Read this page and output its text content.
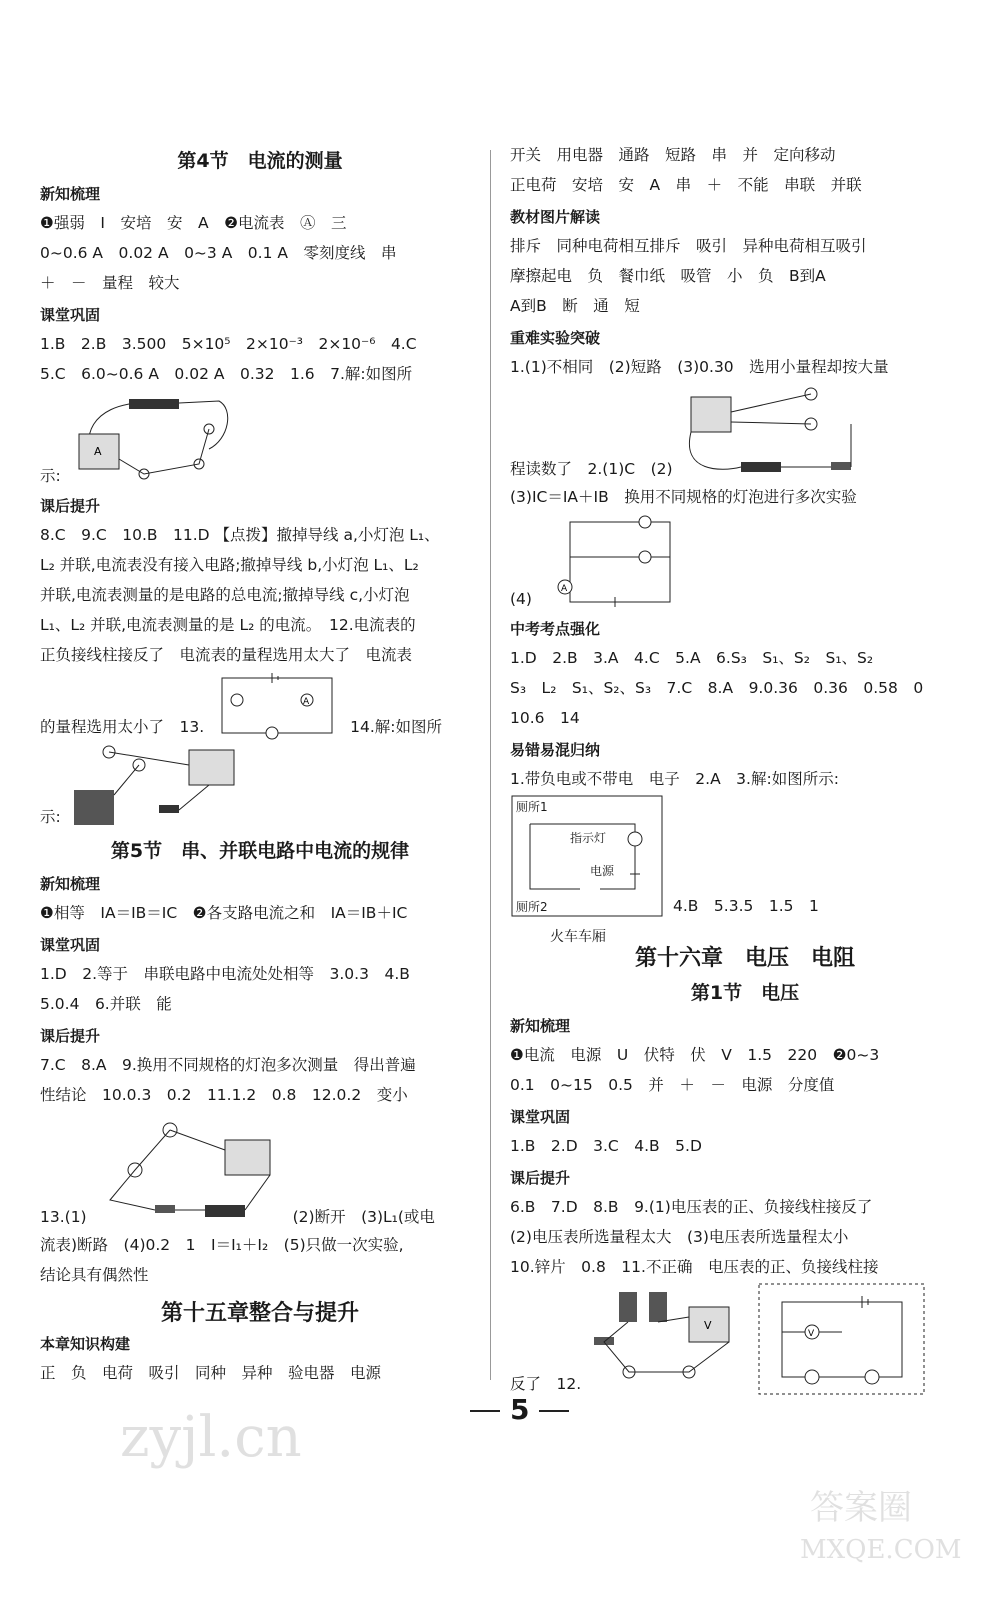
第4节　电流的测量
新知梳理
❶强弱　I　安培　安　A　❷电流表　Ⓐ　三
0~0.6 A　0.02 A　0~3 A　0.1 A　零刻度线　串
＋　－　量程　较大
课堂巩固
1.B　2.B　3.500　5×10⁵　2×10⁻³　2×10⁻⁶　4.C
5.C　6.0~0.6 A　0.02 A　0.32　1.6　7.解:如图所
示:
A
课后提升
8.C　9.C　10.B　11.D 【点拨】撤掉导线 a,小灯泡 L₁、
L₂ 并联,电流表没有接入电路;撤掉导线 b,小灯泡 L₁、L₂
并联,电流表测量的是电路的总电流;撤掉导线 c,小灯泡
L₁、L₂ 并联,电流表测量的是 L₂ 的电流。　12.电流表的
正负接线柱接反了　电流表的量程选用太大了　电流表
的量程选用太小了　13.
A
14.解:如图所
示:
第5节　串、并联电路中电流的规律
新知梳理
❶相等　IA＝IB＝IC　❷各支路电流之和　IA＝IB＋IC
课堂巩固
1.D　2.等于　串联电路中电流处处相等　3.0.3　4.B
5.0.4　6.并联　能
课后提升
7.C　8.A　9.换用不同规格的灯泡多次测量　得出普遍
性结论　10.0.3　0.2　11.1.2　0.8　12.0.2　变小
13.(1)	(2)断开　(3)L₁(或电
流表)断路　(4)0.2　1　I＝I₁＋I₂　(5)只做一次实验,
结论具有偶然性
第十五章整合与提升
本章知识构建
正　负　电荷　吸引　同种　异种　验电器　电源
开关　用电器　通路　短路　串　并　定向移动
正电荷　安培　安　A　串　＋　不能　串联　并联
教材图片解读
排斥　同种电荷相互排斥　吸引　异种电荷相互吸引
摩擦起电　负　餐巾纸　吸管　小　负　B到A
A到B　断　通　短
重难实验突破
1.(1)不相同　(2)短路　(3)0.30　选用小量程却按大量
程读数了　2.(1)C　(2)
(3)IC＝IA＋IB　换用不同规格的灯泡进行多次实验
(4)
A
中考考点强化
1.D　2.B　3.A　4.C　5.A　6.S₃　S₁、S₂　S₁、S₂
S₃　L₂　S₁、S₂、S₃　7.C　8.A　9.0.36　0.36　0.58　0
10.6　14
易错易混归纳
1.带负电或不带电　电子　2.A　3.解:如图所示:
厕所1
厕所2
指示灯
电源
火车车厢
4.B　5.3.5　1.5　1
第十六章　电压　电阻
第1节　电压
新知梳理
❶电流　电源　U　伏特　伏　V　1.5　220　❷0~3
0.1　0~15　0.5　并　＋　－　电源　分度值
课堂巩固
1.B　2.D　3.C　4.B　5.D
课后提升
6.B　7.D　8.B　9.(1)电压表的正、负接线柱接反了
(2)电压表所选量程太大　(3)电压表所选量程太小
10.锌片　0.8　11.不正确　电压表的正、负接线柱接
反了　12.
V
V
5
zyjl.cn
答案圈
MXQE.COM
